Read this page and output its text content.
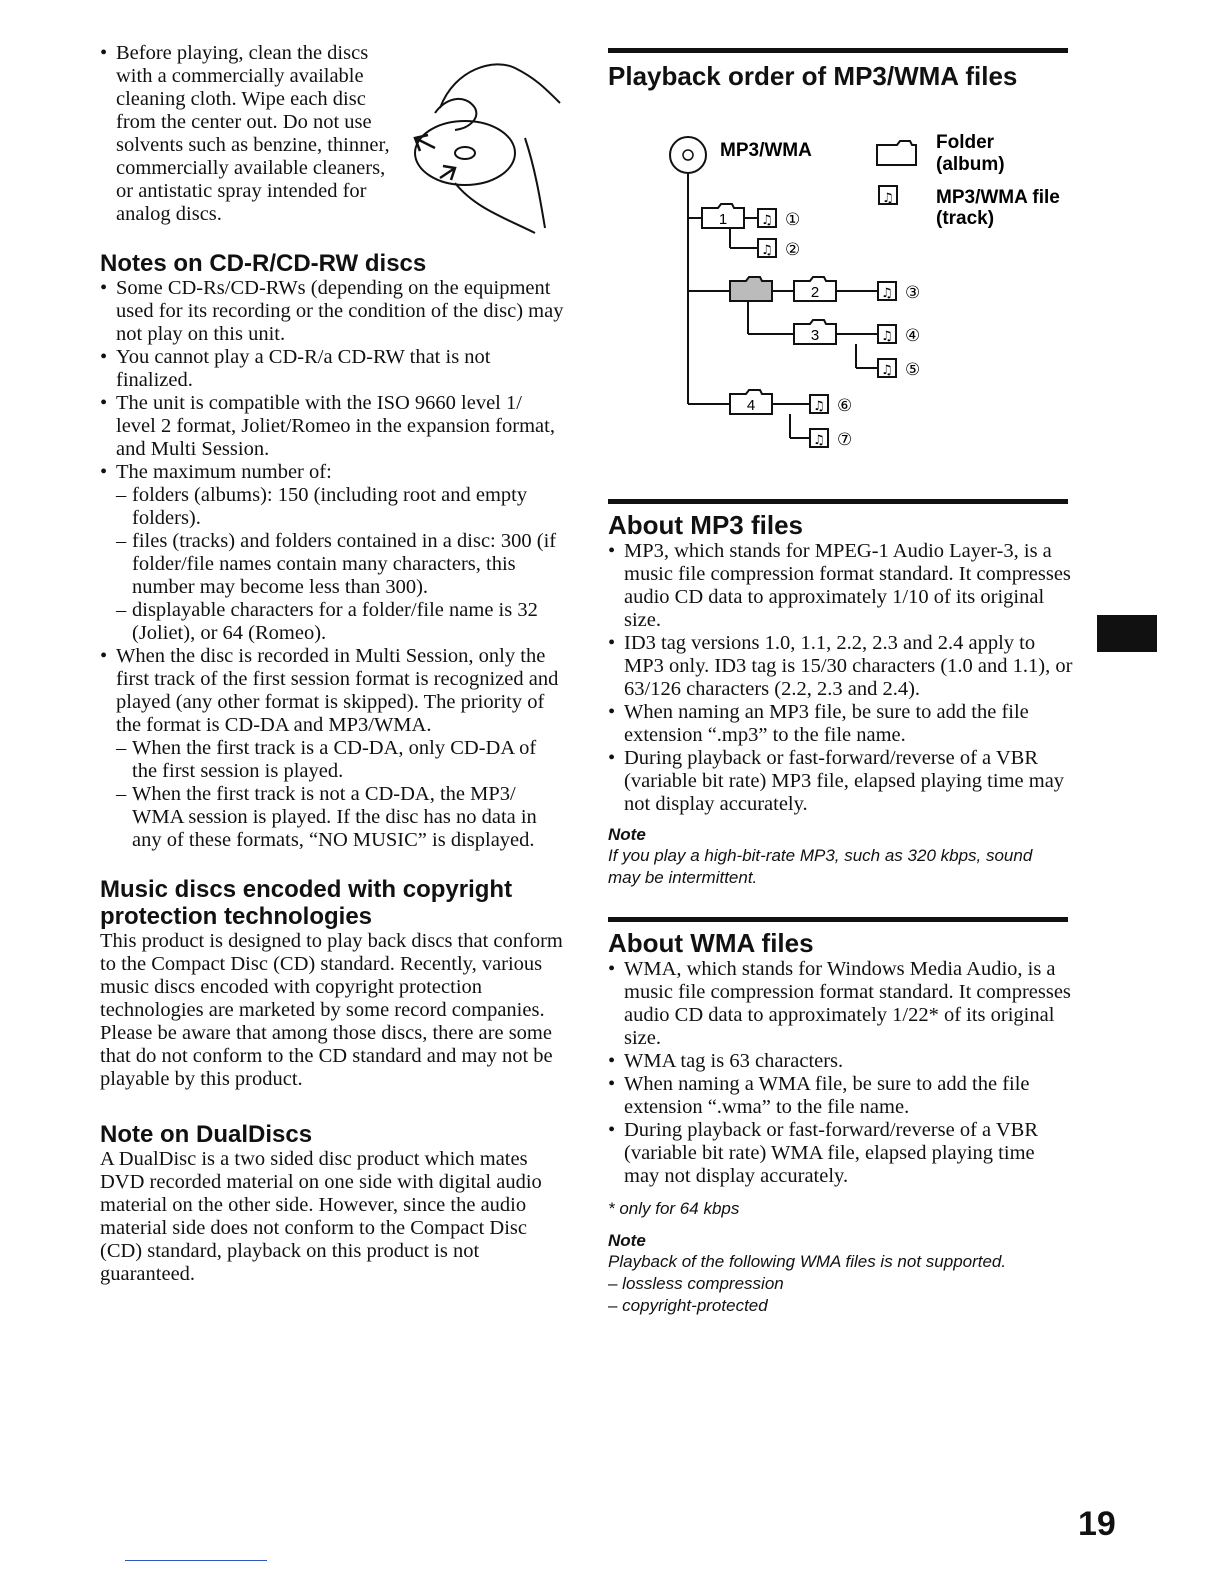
• Before playing, clean the discs with a commercially available cleaning cloth. Wipe each disc from the center out. Do not use solvents such as benzine, thinner, commercially available cleaners, or antistatic spray intended for analog discs.
Notes on CD-R/CD-RW discs
• Some CD-Rs/CD-RWs (depending on the equipment used for its recording or the condition of the disc) may not play on this unit.
• You cannot play a CD-R/a CD-RW that is not finalized.
• The unit is compatible with the ISO 9660 level 1/ level 2 format, Joliet/Romeo in the expansion format, and Multi Session.
• The maximum number of:
– folders (albums): 150 (including root and empty folders).
– files (tracks) and folders contained in a disc: 300 (if folder/file names contain many characters, this number may become less than 300).
– displayable characters for a folder/file name is 32 (Joliet), or 64 (Romeo).
• When the disc is recorded in Multi Session, only the first track of the first session format is recognized and played (any other format is skipped). The priority of the format is CD-DA and MP3/WMA.
– When the first track is a CD-DA, only CD-DA of the first session is played.
– When the first track is not a CD-DA, the MP3/ WMA session is played. If the disc has no data in any of these formats, “NO MUSIC” is displayed.
Music discs encoded with copyright protection technologies

This product is designed to play back discs that conform to the Compact Disc (CD) standard. Recently, various music discs encoded with copyright protection technologies are marketed by some record companies. Please be aware that among those discs, there are some that do not conform to the CD standard and may not be playable by this product.

Note on DualDiscs

A DualDisc is a two sided disc product which mates DVD recorded material on one side with digital audio material on the other side. However, since the audio material side does not conform to the Compact Disc (CD) standard, playback on this product is not guaranteed.

Playback order of MP3/WMA files
About MP3 files
• MP3, which stands for MPEG-1 Audio Layer-3, is a music file compression format standard. It compresses audio CD data to approximately 1/10 of its original size.
• ID3 tag versions 1.0, 1.1, 2.2, 2.3 and 2.4 apply to MP3 only. ID3 tag is 15/30 characters (1.0 and 1.1), or 63/126 characters (2.2, 2.3 and 2.4).
• When naming an MP3 file, be sure to add the file extension “.mp3” to the file name.
• During playback or fast-forward/reverse of a VBR (variable bit rate) MP3 file, elapsed playing time may not display accurately.
Note
If you play a high-bit-rate MP3, such as 320 kbps, sound may be intermittent.
About WMA files
• WMA, which stands for Windows Media Audio, is a music file compression format standard. It compresses audio CD data to approximately 1/22* of its original size.
• WMA tag is 63 characters.
• When naming a WMA file, be sure to add the file extension “.wma” to the file name.
• During playback or fast-forward/reverse of a VBR (variable bit rate) WMA file, elapsed playing time may not display accurately.
* only for 64 kbps
Note
Playback of the following WMA files is not supported.
– lossless compression
– copyright-protected
MP3/WMA	Folder
(album)
♫ MP3/WMA file
(track)
1
2
3
4
♫ ①
♫ ②
♫ ③
♫ ④
♫ ⑤
♫ ⑥
♫ ⑦
19
